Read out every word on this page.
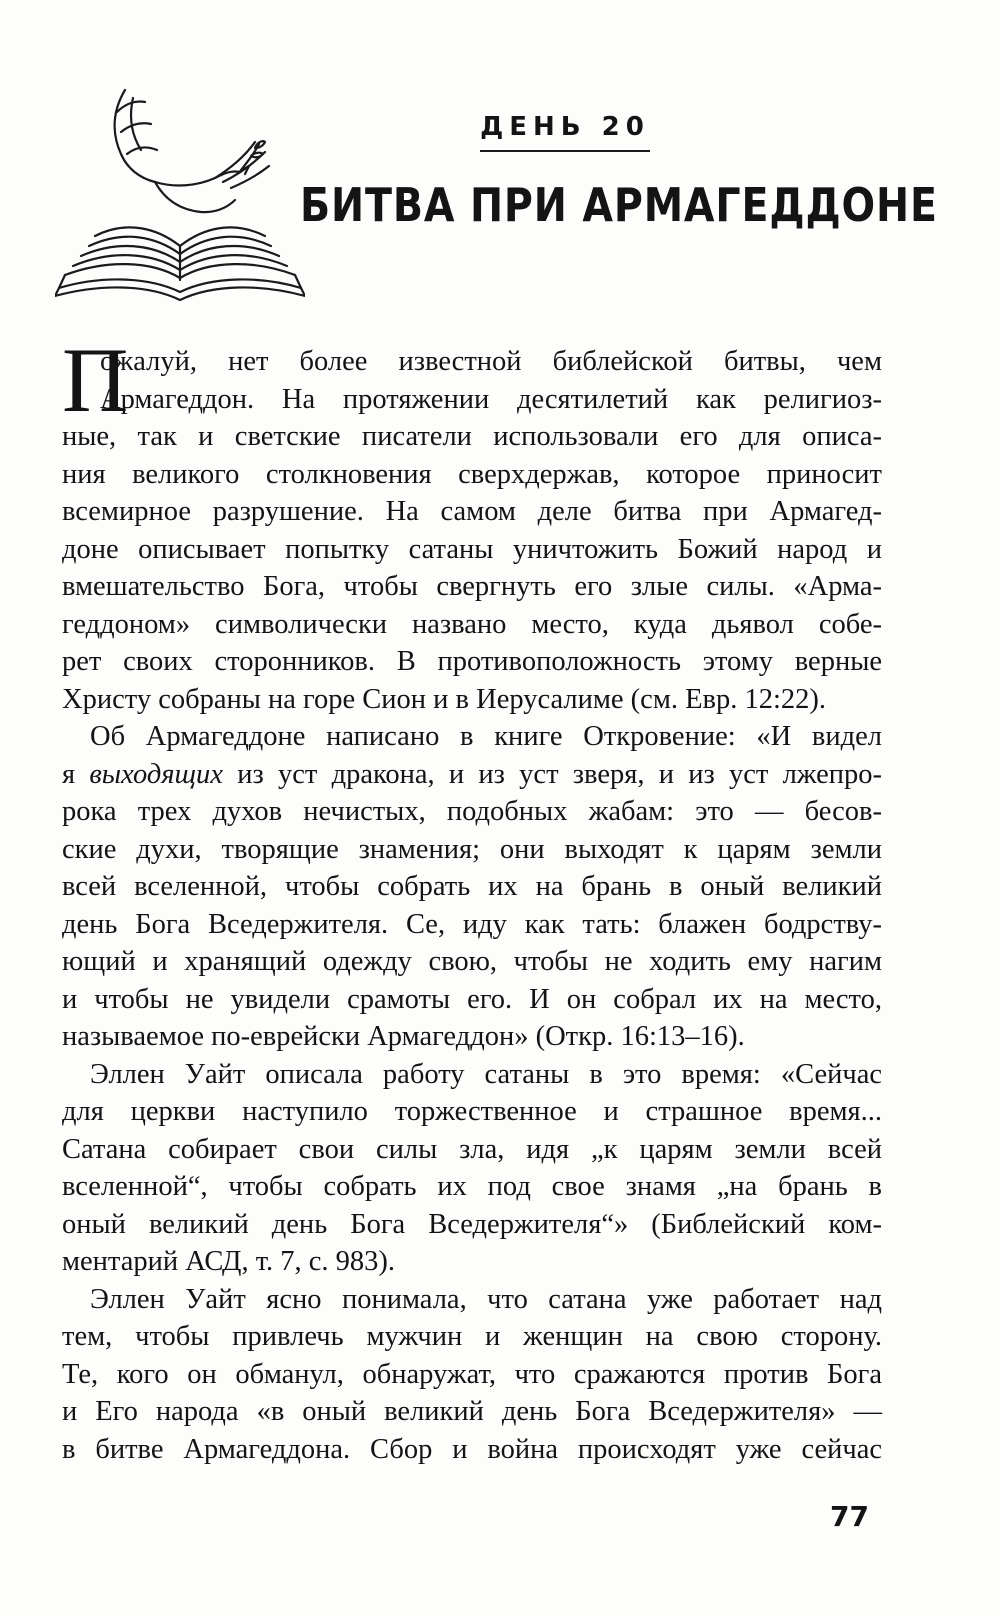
ДЕНЬ 20
БИТВА ПРИ АРМАГЕДДОНЕ
П
ожалуй, нет более известной библейской битвы, чем
Армагеддон. На протяжении десятилетий как религиоз-
ные, так и светские писатели использовали его для описа-
ния великого столкновения сверхдержав, которое приносит
всемирное разрушение. На самом деле битва при Армагед-
доне описывает попытку сатаны уничтожить Божий народ и
вмешательство Бога, чтобы свергнуть его злые силы. «Арма-
геддоном» символически названо место, куда дьявол собе-
рет своих сторонников. В противоположность этому верные
Христу собраны на горе Сион и в Иерусалиме (см. Евр. 12:22).
Об Армагеддоне написано в книге Откровение: «И видел
я выходящих из уст дракона, и из уст зверя, и из уст лжепро-
рока трех духов нечистых, подобных жабам: это — бесов-
ские духи, творящие знамения; они выходят к царям земли
всей вселенной, чтобы собрать их на брань в оный великий
день Бога Вседержителя. Се, иду как тать: блажен бодрству-
ющий и хранящий одежду свою, чтобы не ходить ему нагим
и чтобы не увидели срамоты его. И он собрал их на место,
называемое по-еврейски Армагеддон» (Откр. 16:13–16).
Эллен Уайт описала работу сатаны в это время: «Сейчас
для церкви наступило торжественное и страшное время...
Сатана собирает свои силы зла, идя „к царям земли всей
вселенной“, чтобы собрать их под свое знамя „на брань в
оный великий день Бога Вседержителя“» (Библейский ком-
ментарий АСД, т. 7, с. 983).
Эллен Уайт ясно понимала, что сатана уже работает над
тем, чтобы привлечь мужчин и женщин на свою сторону.
Те, кого он обманул, обнаружат, что сражаются против Бога
и Его народа «в оный великий день Бога Вседержителя» —
в битве Армагеддона. Сбор и война происходят уже сейчас
77
